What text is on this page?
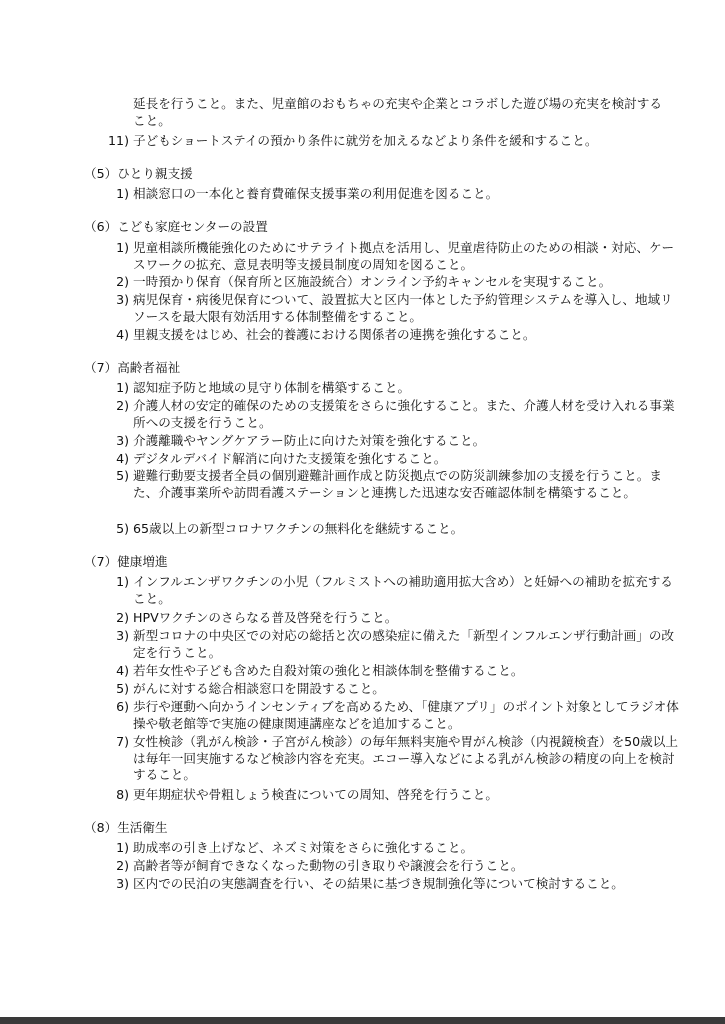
延長を行うこと。また、児童館のおもちゃの充実や企業とコラボした遊び場の充実を検討すること。
11) 子どもショートステイの預かり条件に就労を加えるなどより条件を緩和すること。
（5）ひとり親支援
1) 相談窓口の一本化と養育費確保支援事業の利用促進を図ること。
（6）こども家庭センターの設置
1) 児童相談所機能強化のためにサテライト拠点を活用し、児童虐待防止のための相談・対応、ケースワークの拡充、意見表明等支援員制度の周知を図ること。
2) 一時預かり保育（保育所と区施設統合）オンライン予約キャンセルを実現すること。
3) 病児保育・病後児保育について、設置拡大と区内一体とした予約管理システムを導入し、地域リソースを最大限有効活用する体制整備をすること。
4) 里親支援をはじめ、社会的養護における関係者の連携を強化すること。
（7）高齢者福祉
1) 認知症予防と地域の見守り体制を構築すること。
2) 介護人材の安定的確保のための支援策をさらに強化すること。また、介護人材を受け入れる事業所への支援を行うこと。
3) 介護離職やヤングケアラー防止に向けた対策を強化すること。
4) デジタルデバイド解消に向けた支援策を強化すること。
5) 避難行動要支援者全員の個別避難計画作成と防災拠点での防災訓練参加の支援を行うこと。また、介護事業所や訪問看護ステーションと連携した迅速な安否確認体制を構築すること。
5) 65歳以上の新型コロナワクチンの無料化を継続すること。
（7）健康増進
1) インフルエンザワクチンの小児（フルミストへの補助適用拡大含め）と妊婦への補助を拡充すること。
2) HPVワクチンのさらなる普及啓発を行うこと。
3) 新型コロナの中央区での対応の総括と次の感染症に備えた「新型インフルエンザ行動計画」の改定を行うこと。
4) 若年女性や子ども含めた自殺対策の強化と相談体制を整備すること。
5) がんに対する総合相談窓口を開設すること。
6) 歩行や運動へ向かうインセンティブを高めるため、「健康アプリ」のポイント対象としてラジオ体操や敬老館等で実施の健康関連講座などを追加すること。
7) 女性検診（乳がん検診・子宮がん検診）の毎年無料実施や胃がん検診（内視鏡検査）を50歳以上は毎年一回実施するなど検診内容を充実。エコー導入などによる乳がん検診の精度の向上を検討すること。
8) 更年期症状や骨粗しょう検査についての周知、啓発を行うこと。
（8）生活衛生
1) 助成率の引き上げなど、ネズミ対策をさらに強化すること。
2) 高齢者等が飼育できなくなった動物の引き取りや譲渡会を行うこと。
3) 区内での民泊の実態調査を行い、その結果に基づき規制強化等について検討すること。
